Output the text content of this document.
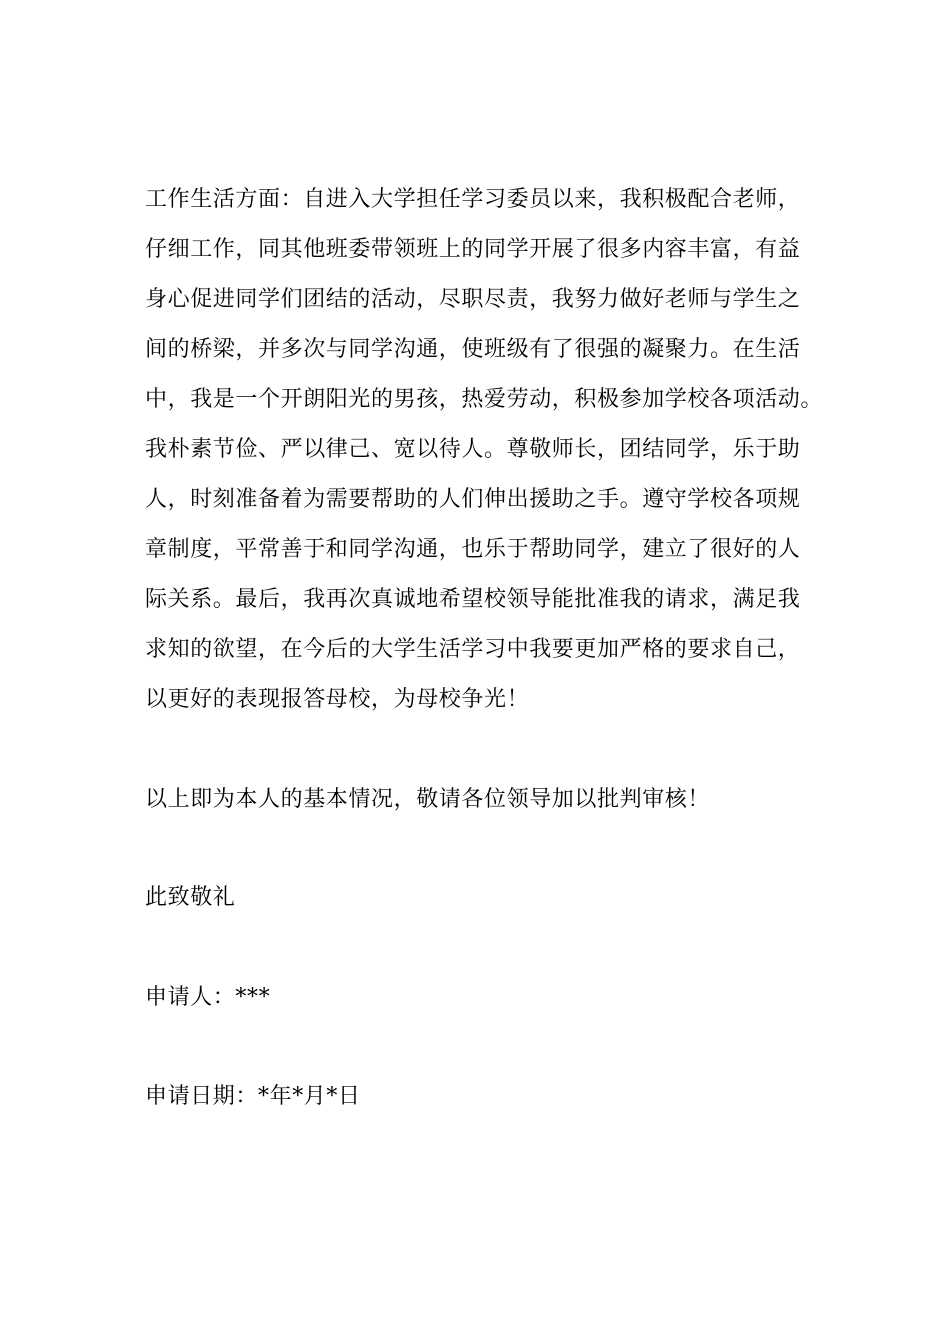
工作生活方面：自进入大学担任学习委员以来，我积极配合老师，
仔细工作，同其他班委带领班上的同学开展了很多内容丰富，有益
身心促进同学们团结的活动，尽职尽责，我努力做好老师与学生之
间的桥梁，并多次与同学沟通，使班级有了很强的凝聚力。在生活
中，我是一个开朗阳光的男孩，热爱劳动，积极参加学校各项活动。
我朴素节俭、严以律己、宽以待人。尊敬师长，团结同学，乐于助
人，时刻准备着为需要帮助的人们伸出援助之手。遵守学校各项规
章制度，平常善于和同学沟通，也乐于帮助同学，建立了很好的人
际关系。最后，我再次真诚地希望校领导能批准我的请求，满足我
求知的欲望，在今后的大学生活学习中我要更加严格的要求自己，
以更好的表现报答母校，为母校争光！
以上即为本人的基本情况，敬请各位领导加以批判审核！
此致敬礼
申请人：***
申请日期：*年*月*日
